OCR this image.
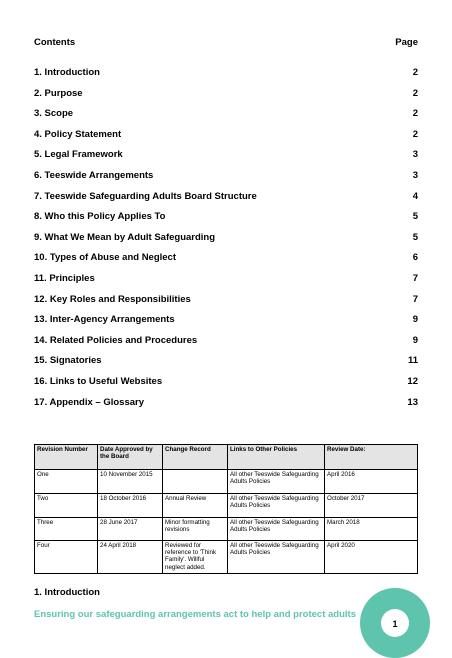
Contents	Page
1. Introduction	2
2. Purpose	2
3. Scope	2
4. Policy Statement	2
5. Legal Framework	3
6. Teeswide Arrangements	3
7. Teeswide Safeguarding Adults Board Structure	4
8. Who this Policy Applies To	5
9. What We Mean by Adult Safeguarding	5
10. Types of Abuse and Neglect	6
11. Principles	7
12. Key Roles and Responsibilities	7
13. Inter-Agency Arrangements	9
14. Related Policies and Procedures	9
15. Signatories	11
16. Links to Useful Websites	12
17. Appendix – Glossary	13
Revision Number	Date Approved by the Board	Change Record	Links to Other Policies	Review Date:
One	10 November 2015		All other Teeswide Safeguarding Adults Policies	April 2016
Two	18 October 2016	Annual Review	All other Teeswide Safeguarding Adults Policies	October 2017
Three	28 June 2017	Minor formatting revisions	All other Teeswide Safeguarding Adults Policies	March 2018
Four	24 April 2018	Reviewed for reference to 'Think Family'. Willful neglect added.	All other Teeswide Safeguarding Adults Policies	April 2020
1. Introduction
Ensuring our safeguarding arrangements act to help and protect adults
1
